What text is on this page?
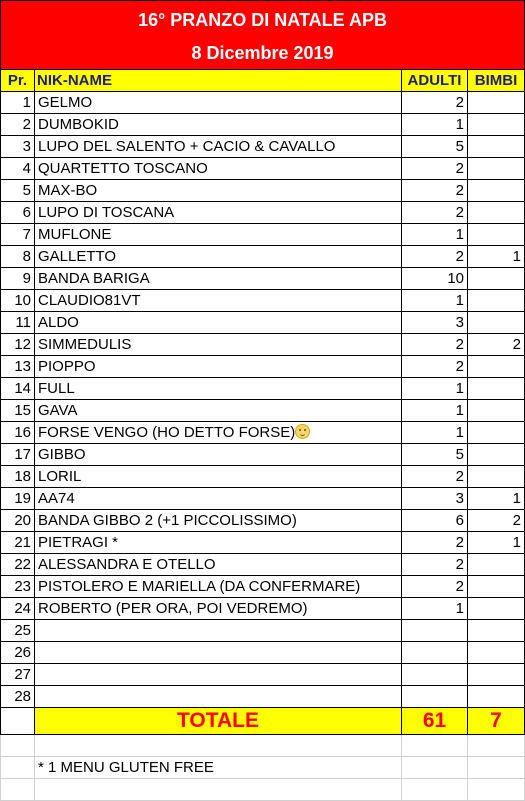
16° PRANZO DI NATALE APB			
8 Dicembre 2019			
Pr.	NIK-NAME	ADULTI	BIMBI
1	GELMO	2	
2	DUMBOKID	1	
3	LUPO DEL SALENTO + CACIO & CAVALLO	5	
4	QUARTETTO TOSCANO	2	
5	MAX-BO	2	
6	LUPO DI TOSCANA	2	
7	MUFLONE	1	
8	GALLETTO	2	1
9	BANDA BARIGA	10	
10	CLAUDIO81VT	1	
11	ALDO	3	
12	SIMMEDULIS	2	2
13	PIOPPO	2	
14	FULL	1	
15	GAVA	1	
16	FORSE VENGO (HO DETTO FORSE)	1	
17	GIBBO	5	
18	LORIL	2	
19	AA74	3	1
20	BANDA GIBBO 2 (+1 PICCOLISSIMO)	6	2
21	PIETRAGI *	2	1
22	ALESSANDRA E OTELLO	2	
23	PISTOLERO E MARIELLA (DA CONFERMARE)	2	
24	ROBERTO (PER ORA, POI VEDREMO)	1	
25			
26			
27			
28			
	TOTALE	61	7

	* 1 MENU GLUTEN FREE		
